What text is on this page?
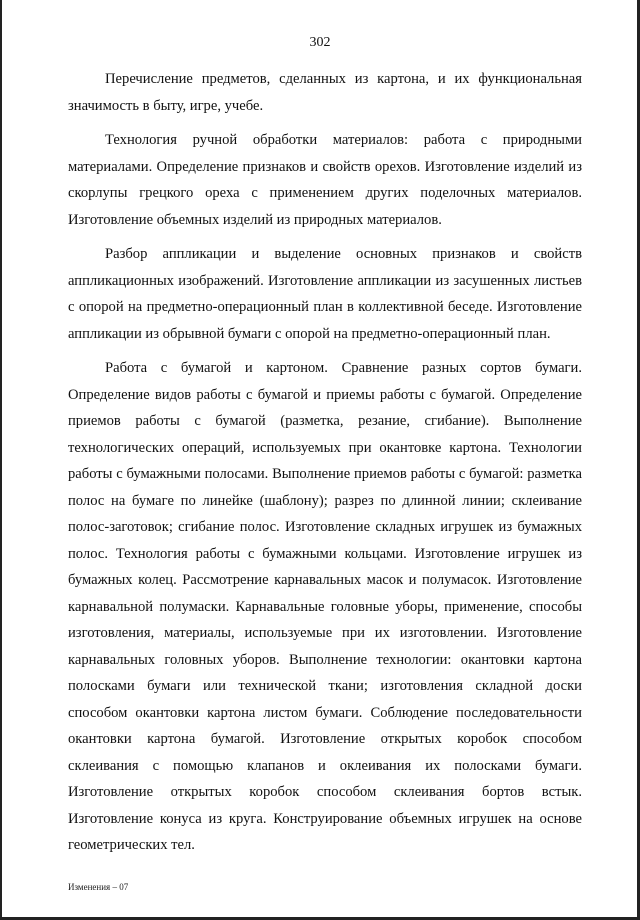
302

Перечисление предметов, сделанных из картона, и их функциональная значимость в быту, игре, учебе.

Технология ручной обработки материалов: работа с природными материалами. Определение признаков и свойств орехов. Изготовление изделий из скорлупы грецкого ореха с применением других поделочных материалов. Изготовление объемных изделий из природных материалов.

Разбор аппликации и выделение основных признаков и свойств аппликационных изображений. Изготовление аппликации из засушенных листьев с опорой на предметно-операционный план в коллективной беседе. Изготовление аппликации из обрывной бумаги с опорой на предметно-операционный план.

Работа с бумагой и картоном. Сравнение разных сортов бумаги. Определение видов работы с бумагой и приемы работы с бумагой. Определение приемов работы с бумагой (разметка, резание, сгибание). Выполнение технологических операций, используемых при окантовке картона. Технологии работы с бумажными полосами. Выполнение приемов работы с бумагой: разметка полос на бумаге по линейке (шаблону); разрез по длинной линии; склеивание полос-заготовок; сгибание полос. Изготовление складных игрушек из бумажных полос. Технология работы с бумажными кольцами. Изготовление игрушек из бумажных колец. Рассмотрение карнавальных масок и полумасок. Изготовление карнавальной полумаски. Карнавальные головные уборы, применение, способы изготовления, материалы, используемые при их изготовлении. Изготовление карнавальных головных уборов. Выполнение технологии: окантовки картона полосками бумаги или технической ткани; изготовления складной доски способом окантовки картона листом бумаги. Соблюдение последовательности окантовки картона бумагой. Изготовление открытых коробок способом склеивания с помощью клапанов и оклеивания их полосками бумаги. Изготовление открытых коробок способом склеивания бортов встык. Изготовление конуса из круга. Конструирование объемных игрушек на основе геометрических тел.

Изменения – 07
